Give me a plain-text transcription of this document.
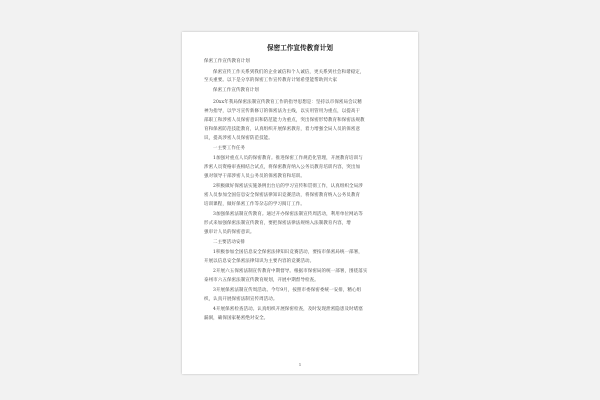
保密工作宣传教育计划
保密工作宣传教育计划
保密宣传工作关系到我们的企业诚信和个人诚信，更关系到社会和谐稳定，
至关重要。以下是分享的保密工作宣传教育计划希望能帮助到大家
保密工作宣传教育计划
20xx年我局保密法制宣传教育工作的指导思想是：坚持以市保密局会议精
神为指导，以学习宣传新修订的保密法为主线，以实用管用为重点，以提高干
部职工和涉密人员保密意识和防范能力为重点，突出保密形势教育和保密法规教
育和保密防范技能教育，认真组织开展保密教育，着力增强全局人员的保密意
识，提高涉密人员保密防范技能。
一主要工作任务
1加强对重点人员的保密教育。推进保密工作规范化管理，开展教育培训与
涉密人员资格审查相结合试点，将保密教育纳入公务员教育培训内容，突出加
强对领导干部涉密人员公务员的保密教育和培训。
2积极做好保密法实施条例出台后的学习宣传和贯彻工作，认真组织全局涉
密人员参加全国信息安全保密法律知识竞赛活动，将保密教育纳入公务员教育
培训课程，做好保密工作等杂志的学习阅订工作。
3加强保密法制宣传教育。通过开办保密法制宣传周活动，利用单位网站等
形式来加强保密法制宣传教育，要把保密法律法规纳入法制教育内容，增
强审计人员的保密意识。
二主要活动安排
1积极参加全国信息安全保密法律知识竞赛活动，要按市保密局统一部署，
开展以信息安全保密法律知识为主要内容的竞赛活动。
2开展六五保密法制宣传教育中期督导。根据市保密局的统一部署，围绕落实
泰州市六五保密法制宣传教育规划，开展中期督导检查。
3开展保密法制宣传周活动。今年9月，按照市委保密委统一安排，精心组
织，认真开展保密法制宣传周活动。
4开展保密检查活动。认真组织开展保密检查，及时发现泄密隐患及时堵塞
漏洞，确保国家秘密绝对安全。
1
